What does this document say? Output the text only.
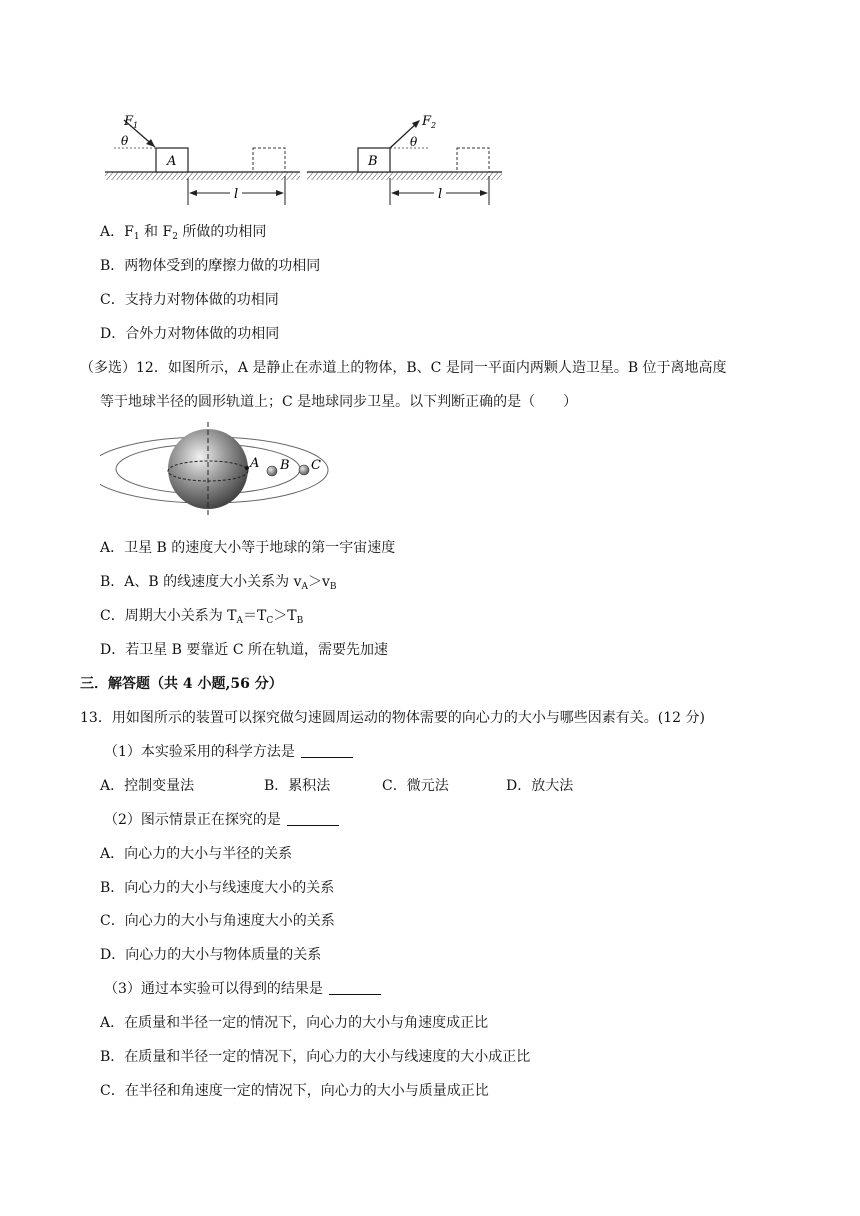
A
$F_1$
θ
l
B
$F_2$
θ
l
A．$F_1$ 和 $F_2$ 所做的功相同
B．两物体受到的摩擦力做的功相同
C．支持力对物体做的功相同
D．合外力对物体做的功相同
（多选）12．如图所示，A 是静止在赤道上的物体，B、C 是同一平面内两颗人造卫星。B 位于离地高度
等于地球半径的圆形轨道上；C 是地球同步卫星。以下判断正确的是（　　）
A B C
A．卫星 B 的速度大小等于地球的第一宇宙速度
B．A、B 的线速度大小关系为 $v_A>v_B$
C．周期大小关系为 $T_A=T_C>T_B$
D．若卫星 B 要靠近 C 所在轨道，需要先加速
三．解答题（共 4 小题,56 分）
13．用如图所示的装置可以探究做匀速圆周运动的物体需要的向心力的大小与哪些因素有关。(12 分)
（1）本实验采用的科学方法是
A．控制变量法	B．累积法	C．微元法	D．放大法
（2）图示情景正在探究的是
A．向心力的大小与半径的关系
B．向心力的大小与线速度大小的关系
C．向心力的大小与角速度大小的关系
D．向心力的大小与物体质量的关系
（3）通过本实验可以得到的结果是
A．在质量和半径一定的情况下，向心力的大小与角速度成正比
B．在质量和半径一定的情况下，向心力的大小与线速度的大小成正比
C．在半径和角速度一定的情况下，向心力的大小与质量成正比
